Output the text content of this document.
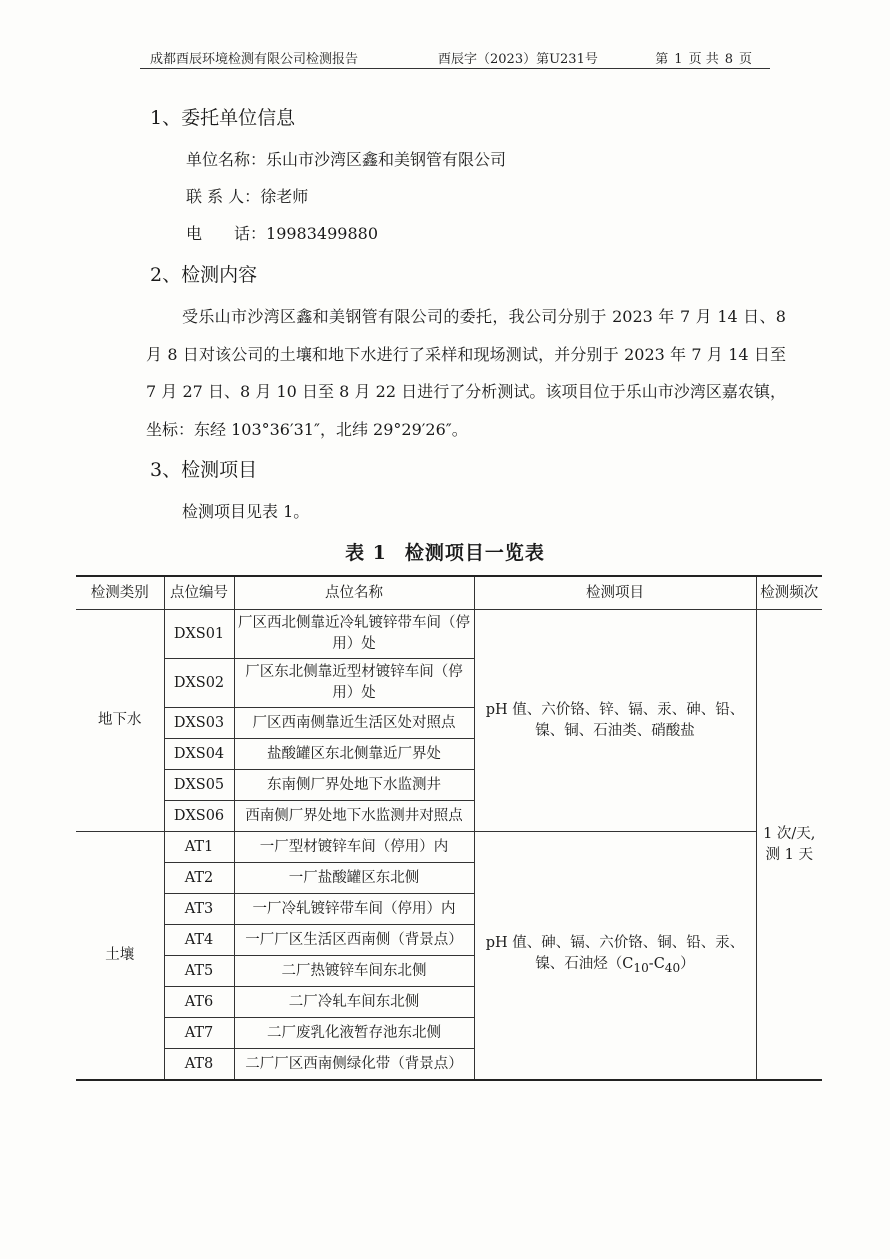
成都酉辰环境检测有限公司检测报告	酉辰字（2023）第U231号	第 1 页 共 8 页
1、委托单位信息
单位名称：乐山市沙湾区鑫和美钢管有限公司
联 系 人：徐老师
电　　话：19983499880
2、检测内容

受乐山市沙湾区鑫和美钢管有限公司的委托，我公司分别于 2023 年 7 月 14 日、8 月 8 日对该公司的土壤和地下水进行了采样和现场测试，并分别于 2023 年 7 月 14 日至 7 月 27 日、8 月 10 日至 8 月 22 日进行了分析测试。该项目位于乐山市沙湾区嘉农镇，坐标：东经 103°36′31″，北纬 29°29′26″。

3、检测项目
检测项目见表 1。
表 1 检测项目一览表
检测类别	点位编号	点位名称	检测项目	检测频次
地下水	DXS01	厂区西北侧靠近冷轧镀锌带车间（停用）处	pH 值、六价铬、锌、镉、汞、砷、铅、镍、铜、石油类、硝酸盐	1 次/天,
测 1 天

	DXS02	厂区东北侧靠近型材镀锌车间（停用）处		
	DXS03	厂区西南侧靠近生活区处对照点		
	DXS04	盐酸罐区东北侧靠近厂界处		
	DXS05	东南侧厂界处地下水监测井		
	DXS06	西南侧厂界处地下水监测井对照点		
土壤	AT1	一厂型材镀锌车间（停用）内	pH 值、砷、镉、六价铬、铜、铅、汞、镍、石油烃$(C_{10}-C_{40})$	
	AT2	一厂盐酸罐区东北侧		
	AT3	一厂冷轧镀锌带车间（停用）内		
	AT4	一厂厂区生活区西南侧（背景点）		
	AT5	二厂热镀锌车间东北侧		
	AT6	二厂冷轧车间东北侧		
	AT7	二厂废乳化液暂存池东北侧		
	AT8	二厂厂区西南侧绿化带（背景点）		
